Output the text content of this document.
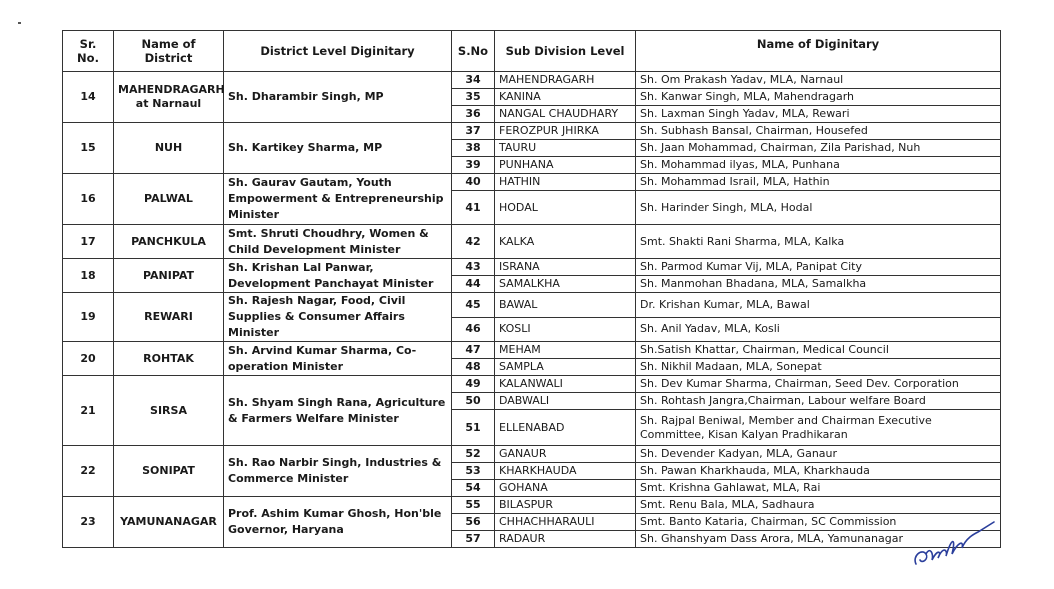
Sr. No.	Name of District	District Level Diginitary	S.No	Sub Division Level	Name of Diginitary
14	MAHENDRAGARH at Narnaul	Sh. Dharambir Singh, MP	34	MAHENDRAGARH	Sh. Om Prakash Yadav, MLA, Narnaul
			35	KANINA	Sh. Kanwar Singh, MLA, Mahendragarh
			36	NANGAL CHAUDHARY	Sh. Laxman Singh Yadav, MLA, Rewari
15	NUH	Sh. Kartikey Sharma, MP	37	FEROZPUR JHIRKA	Sh. Subhash Bansal, Chairman, Housefed
			38	TAURU	Sh. Jaan Mohammad, Chairman, Zila Parishad, Nuh
			39	PUNHANA	Sh. Mohammad ilyas, MLA, Punhana
16	PALWAL	Sh. Gaurav Gautam, Youth Empowerment & Entrepreneurship Minister	40	HATHIN	Sh. Mohammad Israil, MLA, Hathin
			41	HODAL	Sh. Harinder Singh, MLA, Hodal
17	PANCHKULA	Smt. Shruti Choudhry, Women & Child Development Minister	42	KALKA	Smt. Shakti Rani Sharma, MLA, Kalka
18	PANIPAT	Sh. Krishan Lal Panwar, Development Panchayat Minister	43	ISRANA	Sh. Parmod Kumar Vij, MLA, Panipat City
			44	SAMALKHA	Sh. Manmohan Bhadana, MLA, Samalkha
19	REWARI	Sh. Rajesh Nagar, Food, Civil Supplies & Consumer Affairs Minister	45	BAWAL	Dr. Krishan Kumar, MLA, Bawal
			46	KOSLI	Sh. Anil Yadav, MLA, Kosli
20	ROHTAK	Sh. Arvind Kumar Sharma, Co-operation Minister	47	MEHAM	Sh.Satish Khattar, Chairman, Medical Council
			48	SAMPLA	Sh. Nikhil Madaan, MLA, Sonepat
21	SIRSA	Sh. Shyam Singh Rana, Agriculture & Farmers Welfare Minister	49	KALANWALI	Sh. Dev Kumar Sharma, Chairman, Seed Dev. Corporation
			50	DABWALI	Sh. Rohtash Jangra,Chairman, Labour welfare Board
			51	ELLENABAD	Sh. Rajpal Beniwal, Member and Chairman Executive Committee, Kisan Kalyan Pradhikaran
22	SONIPAT	Sh. Rao Narbir Singh, Industries & Commerce Minister	52	GANAUR	Sh. Devender Kadyan, MLA, Ganaur
			53	KHARKHAUDA	Sh. Pawan Kharkhauda, MLA, Kharkhauda
			54	GOHANA	Smt. Krishna Gahlawat, MLA, Rai
23	YAMUNANAGAR	Prof. Ashim Kumar Ghosh, Hon'ble Governor, Haryana	55	BILASPUR	Smt. Renu Bala, MLA, Sadhaura
			56	CHHACHHARAULI	Smt. Banto Kataria, Chairman, SC Commission
			57	RADAUR	Sh. Ghanshyam Dass Arora, MLA, Yamunanagar
